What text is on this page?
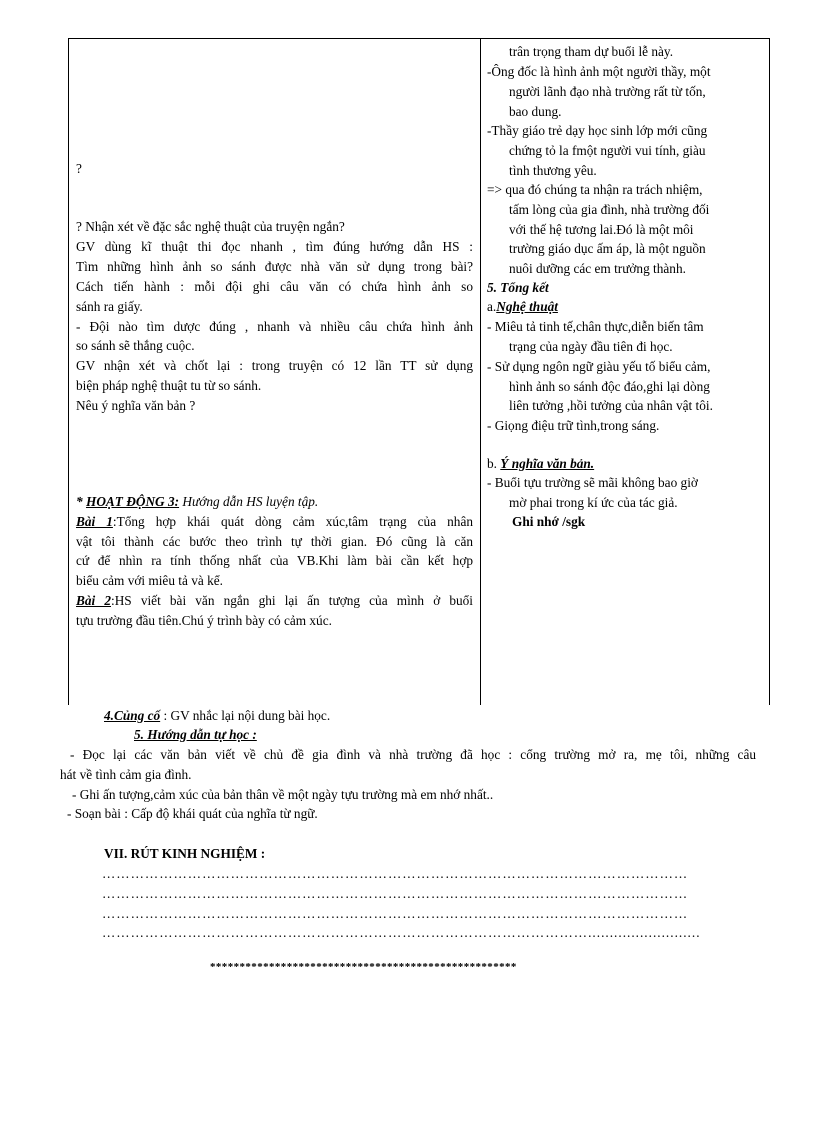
?
? Nhận xét về đặc sắc nghệ thuật của truyện ngắn?
GV dùng kĩ thuật thi đọc nhanh , tìm đúng hướng dẫn HS :
Tìm những hình ảnh so sánh được nhà văn sử dụng trong bài?
Cách tiến hành : mỗi đội ghi câu văn có chứa hình ảnh so
sánh ra giấy.
- Đội nào tìm dược đúng , nhanh và nhiều câu chứa hình ảnh
so sánh sẽ thắng cuộc.
GV nhận xét và chốt lại : trong truyện có 12 lần TT sử dụng
biện pháp nghệ thuật tu từ so sánh.
Nêu ý nghĩa văn bản ?
* HOẠT ĐỘNG 3: Hướng dẫn HS luyện tập.
Bài 1:Tổng hợp khái quát dòng cảm xúc,tâm trạng của nhân
vật tôi thành các bước theo trình tự thời gian. Đó cũng là căn
cứ để nhìn ra tính thống nhất của VB.Khi làm bài cần kết hợp
biểu cảm với miêu tả và kể.
Bài 2:HS viết bài văn ngắn ghi lại ấn tượng của mình ở buổi
tựu trường đầu tiên.Chú ý trình bày có cảm xúc.
trân trọng tham dự buổi lễ này.
-Ông đốc là hình ảnh một người thầy, một
người lãnh đạo nhà trường rất từ tốn,
bao dung.
-Thầy giáo trẻ dạy học sinh lớp mới cũng
chứng tỏ la fmột người vui tính, giàu
tình thương yêu.
=> qua đó chúng ta nhận ra trách nhiệm,
tấm lòng của gia đình, nhà trường đối
với thế hệ tương lai.Đó là một môi
trường giáo dục ấm áp, là một nguồn
nuôi dưỡng các em trưởng thành.
5. Tổng kết
a.Nghệ thuật
- Miêu tả tinh tế,chân thực,diễn biến tâm
trạng của ngày đầu tiên đi học.
- Sử dụng ngôn ngữ giàu yếu tố biểu cảm,
hình ảnh so sánh độc đáo,ghi lại dòng
liên tưởng ,hồi tưởng của nhân vật tôi.
- Giọng điệu trữ tình,trong sáng.
b. Ý nghĩa văn bản.
- Buổi tựu trường sẽ mãi không bao giờ
mờ phai trong kí ức của tác giả.
Ghi nhớ /sgk
4.Củng cố : GV nhắc lại nội dung bài học.
5. Hướng dẫn tự học :
- Đọc lại các văn bản viết về chủ đề gia đình và nhà trường đã học : cổng trường mở ra, mẹ tôi, những câu
hát về tình cảm gia đình.
- Ghi ấn tượng,cảm xúc của bản thân về một ngày tựu trường mà em nhớ nhất..
- Soạn bài : Cấp độ khái quát của nghĩa từ ngữ.
VII. RÚT KINH NGHIỆM :
……………………………………………………………………………………………………………
……………………………………………………………………………………………………………
……………………………………………………………………………………………………………
…………………………………………………………………………………………..........................
****************************************************
